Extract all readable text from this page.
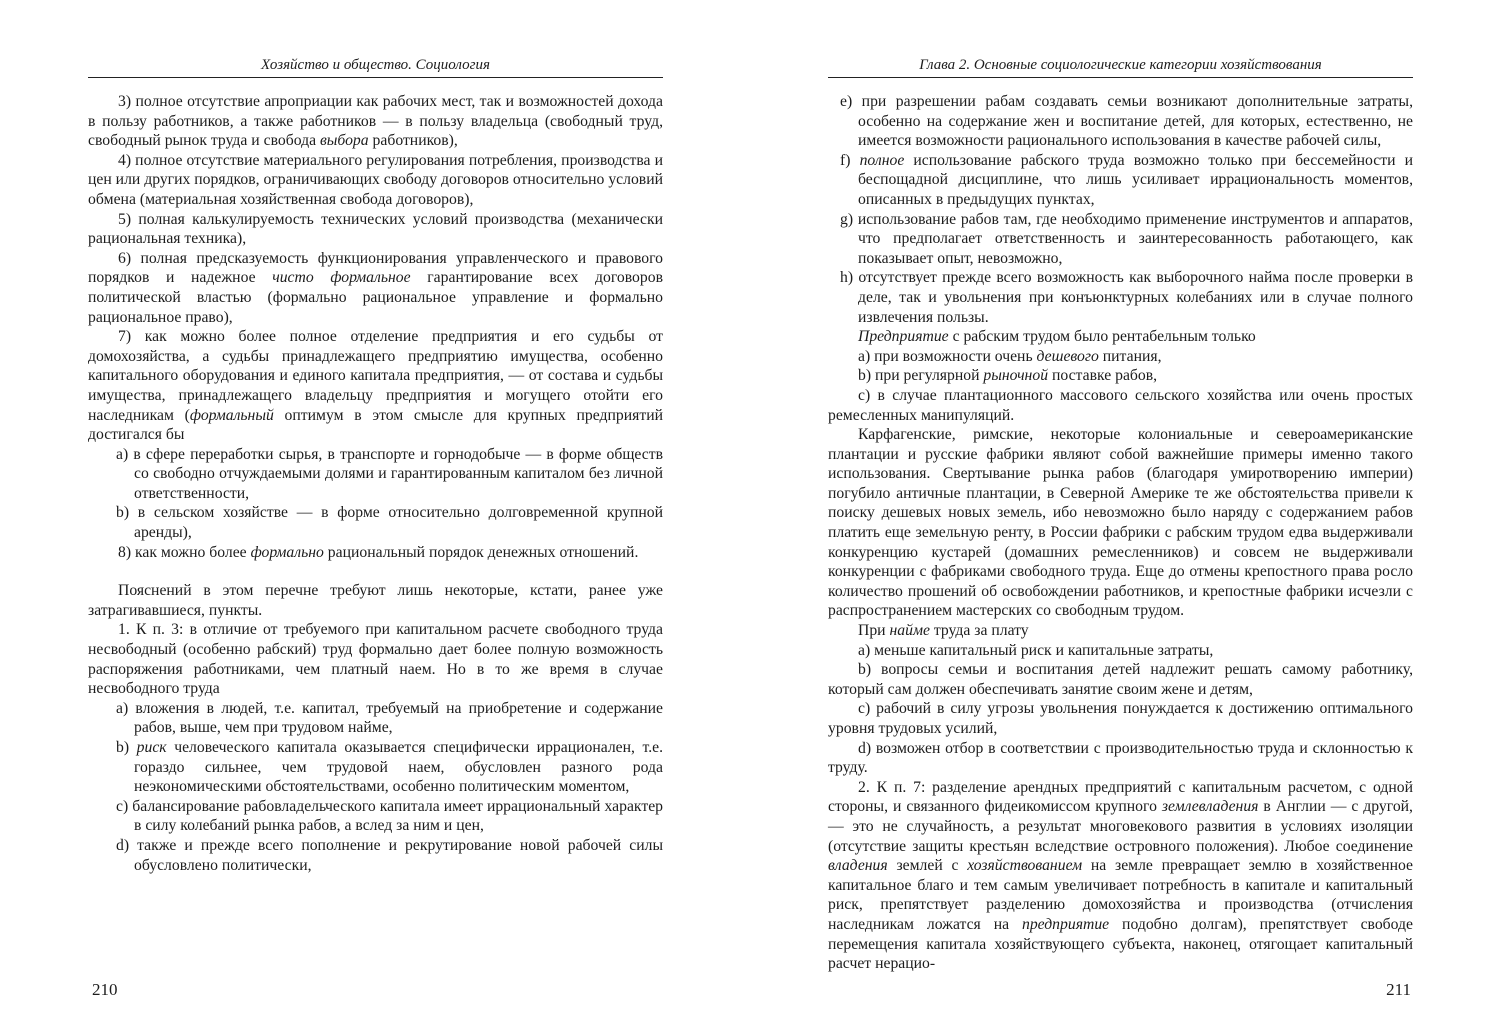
Хозяйство и общество. Социология

3) полное отсутствие апроприации как рабочих мест, так и возможностей дохода в пользу работников, а также работников — в пользу владельца (свободный труд, свободный рынок труда и свобода выбора работников),

4) полное отсутствие материального регулирования потребления, производства и цен или других порядков, ограничивающих свободу договоров относительно условий обмена (материальная хозяйственная свобода договоров),

5) полная калькулируемость технических условий производства (механически рациональная техника),

6) полная предсказуемость функционирования управленческого и правового порядков и надежное чисто формальное гарантирование всех договоров политической властью (формально рациональное управление и формально рациональное право),

7) как можно более полное отделение предприятия и его судьбы от домохозяйства, а судьбы принадлежащего предприятию имущества, особенно капитального оборудования и единого капитала предприятия, — от состава и судьбы имущества, принадлежащего владельцу предприятия и могущего отойти его наследникам (формальный оптимум в этом смысле для крупных предприятий достигался бы

a) в сфере переработки сырья, в транспорте и горнодобыче — в форме обществ со свободно отчуждаемыми долями и гарантированным капиталом без личной ответственности,

b) в сельском хозяйстве — в форме относительно долговременной крупной аренды),

8) как можно более формально рациональный порядок денежных отношений.

Пояснений в этом перечне требуют лишь некоторые, кстати, ранее уже затрагивавшиеся, пункты.

1. К п. 3: в отличие от требуемого при капитальном расчете свободного труда несвободный (особенно рабский) труд формально дает более полную возможность распоряжения работниками, чем платный наем. Но в то же время в случае несвободного труда

a) вложения в людей, т.е. капитал, требуемый на приобретение и содержание рабов, выше, чем при трудовом найме,

b) риск человеческого капитала оказывается специфически иррационален, т.е. гораздо сильнее, чем трудовой наем, обусловлен разного рода неэкономическими обстоятельствами, особенно политическим моментом,

c) балансирование рабовладельческого капитала имеет иррациональный характер в силу колебаний рынка рабов, а вслед за ним и цен,

d) также и прежде всего пополнение и рекрутирование новой рабочей силы обусловлено политически,

210
Глава 2. Основные социологические категории хозяйствования

e) при разрешении рабам создавать семьи возникают дополнительные затраты, особенно на содержание жен и воспитание детей, для которых, естественно, не имеется возможности рационального использования в качестве рабочей силы,

f) полное использование рабского труда возможно только при бессемейности и беспощадной дисциплине, что лишь усиливает иррациональность моментов, описанных в предыдущих пунктах,

g) использование рабов там, где необходимо применение инструментов и аппаратов, что предполагает ответственность и заинтересованность работающего, как показывает опыт, невозможно,

h) отсутствует прежде всего возможность как выборочного найма после проверки в деле, так и увольнения при конъюнктурных колебаниях или в случае полного извлечения пользы.

Предприятие с рабским трудом было рентабельным только

a) при возможности очень дешевого питания,

b) при регулярной рыночной поставке рабов,

c) в случае плантационного массового сельского хозяйства или очень простых ремесленных манипуляций.

Карфагенские, римские, некоторые колониальные и североамериканские плантации и русские фабрики являют собой важнейшие примеры именно такого использования. Свертывание рынка рабов (благодаря умиротворению империи) погубило античные плантации, в Северной Америке те же обстоятельства привели к поиску дешевых новых земель, ибо невозможно было наряду с содержанием рабов платить еще земельную ренту, в России фабрики с рабским трудом едва выдерживали конкуренцию кустарей (домашних ремесленников) и совсем не выдерживали конкуренции с фабриками свободного труда. Еще до отмены крепостного права росло количество прошений об освобождении работников, и крепостные фабрики исчезли с распространением мастерских со свободным трудом.

При найме труда за плату

a) меньше капитальный риск и капитальные затраты,

b) вопросы семьи и воспитания детей надлежит решать самому работнику, который сам должен обеспечивать занятие своим жене и детям,

c) рабочий в силу угрозы увольнения понуждается к достижению оптимального уровня трудовых усилий,

d) возможен отбор в соответствии с производительностью труда и склонностью к труду.

2. К п. 7: разделение арендных предприятий с капитальным расчетом, с одной стороны, и связанного фидеикомиссом крупного землевладения в Англии — с другой, — это не случайность, а результат многовекового развития в условиях изоляции (отсутствие защиты крестьян вследствие островного положения). Любое соединение владения землей с хозяйствованием на земле превращает землю в хозяйственное капитальное благо и тем самым увеличивает потребность в капитале и капитальный риск, препятствует разделению домохозяйства и производства (отчисления наследникам ложатся на предприятие подобно долгам), препятствует свободе перемещения капитала хозяйствующего субъекта, наконец, отягощает капитальный расчет нерацио-

211
